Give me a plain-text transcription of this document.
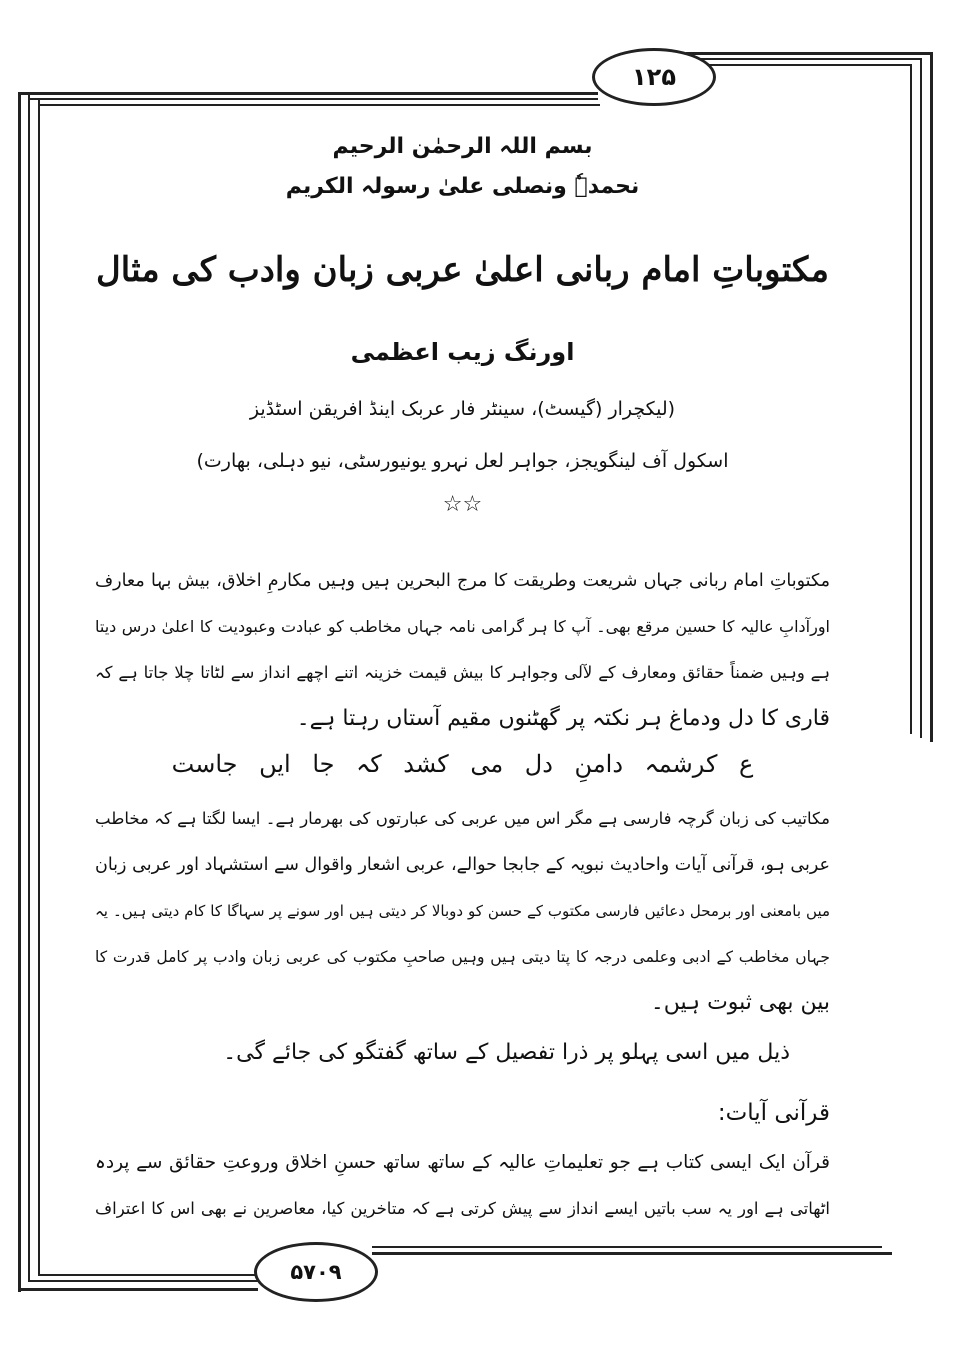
۱۲۵
۵۷۰۹
بسم اللہ الرحمٰن الرحیم
نحمدہٗ ونصلی علیٰ رسولہ الکریم
مکتوباتِ امام ربانی اعلیٰ عربی زبان وادب کی مثال
اورنگ زیب اعظمی
(لیکچرار (گیسٹ)، سینٹر فار عربک اینڈ افریقن اسٹڈیز
اسکول آف لینگویجز، جواہر لعل نہرو یونیورسٹی، نیو دہلی، بھارت)
☆☆
مکتوباتِ امام ربانی جہاں شریعت وطریقت کا مرج البحرین ہیں وہیں مکارمِ اخلاق، بیش بہا معارف
اورآدابِ عالیہ کا حسین مرقع بھی۔ آپ کا ہر گرامی نامہ جہاں مخاطب کو عبادت وعبودیت کا اعلیٰ درس دیتا
ہے وہیں ضمناً حقائق ومعارف کے لآلی وجواہر کا بیش قیمت خزینہ اتنے اچھے انداز سے لٹاتا چلا جاتا ہے کہ
قاری کا دل ودماغ ہر نکتہ پر گھٹنوں مقیم آستاں رہتا ہے۔
ع کرشمہ دامنِ دل می کشد کہ جا ایں جاست
مکاتیب کی زبان گرچہ فارسی ہے مگر اس میں عربی کی عبارتوں کی بھرمار ہے۔ ایسا لگتا ہے کہ مخاطب
عربی ہو، قرآنی آیات واحادیث نبویہ کے جابجا حوالے، عربی اشعار واقوال سے استشہاد اور عربی زبان
میں بامعنی اور برمحل دعائیں فارسی مکتوب کے حسن کو دوبالا کر دیتی ہیں اور سونے پر سہاگا کا کام دیتی ہیں۔ یہ
جہاں مخاطب کے ادبی وعلمی درجہ کا پتا دیتی ہیں وہیں صاحبِ مکتوب کی عربی زبان وادب پر کامل قدرت کا
بین بھی ثبوت ہیں۔
ذیل میں اسی پہلو پر ذرا تفصیل کے ساتھ گفتگو کی جائے گی۔
قرآنی آیات:
قرآن ایک ایسی کتاب ہے جو تعلیماتِ عالیہ کے ساتھ ساتھ حسنِ اخلاق وروعتِ حقائق سے پردہ
اٹھاتی ہے اور یہ سب باتیں ایسے انداز سے پیش کرتی ہے کہ متاخرین کیا، معاصرین نے بھی اس کا اعتراف
